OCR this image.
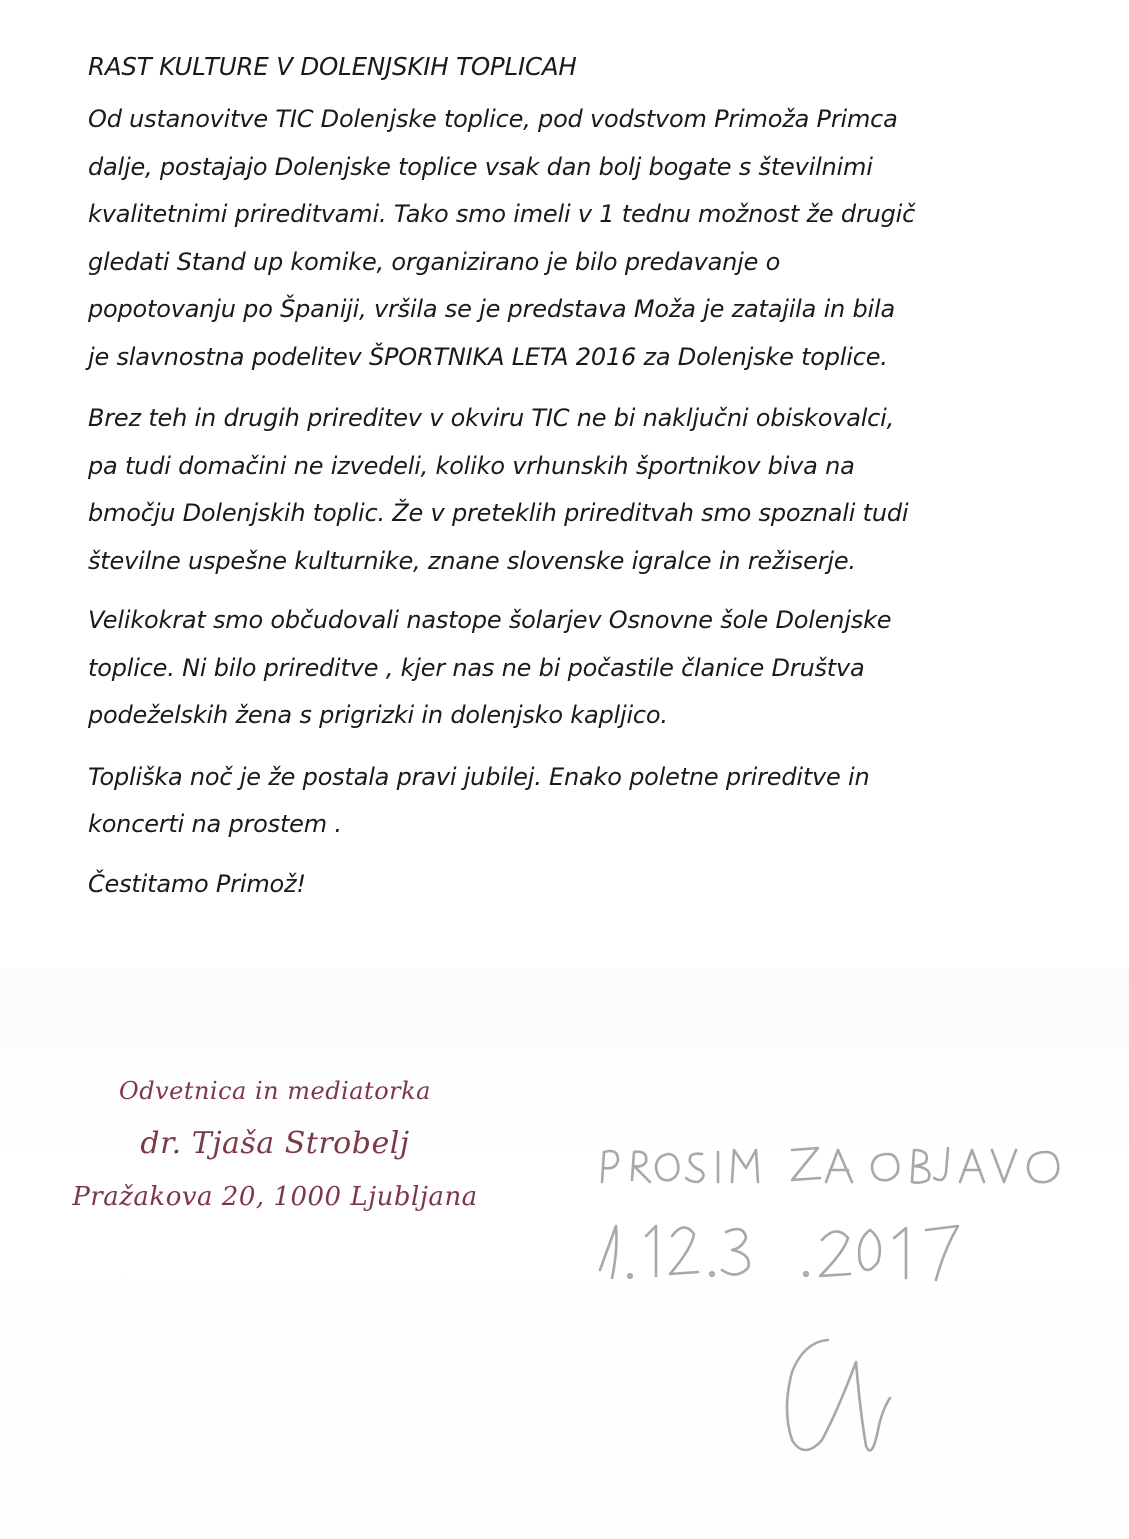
RAST KULTURE V DOLENJSKIH TOPLICAH
Od ustanovitve TIC Dolenjske toplice, pod vodstvom Primoža Primca
dalje, postajajo Dolenjske toplice vsak dan bolj bogate s številnimi
kvalitetnimi prireditvami. Tako smo imeli v 1 tednu možnost že drugič
gledati Stand up komike, organizirano je bilo predavanje o
popotovanju po Španiji, vršila se je predstava Moža je zatajila in bila
je slavnostna podelitev ŠPORTNIKA LETA 2016 za Dolenjske toplice.
Brez teh in drugih prireditev v okviru TIC ne bi naključni obiskovalci,
pa tudi domačini ne izvedeli, koliko vrhunskih športnikov biva na
bmočju Dolenjskih toplic. Že v preteklih prireditvah smo spoznali tudi
številne uspešne kulturnike, znane slovenske igralce in režiserje.
Velikokrat smo občudovali nastope šolarjev Osnovne šole Dolenjske
toplice. Ni bilo prireditve , kjer nas ne bi počastile članice Društva
podeželskih žena s prigrizki in dolenjsko kapljico.
Topliška noč je že postala pravi jubilej. Enako poletne prireditve in
koncerti na prostem .
Čestitamo Primož!
Odvetnica in mediatorka
dr. Tjaša Strobelj
Pražakova 20, 1000 Ljubljana
